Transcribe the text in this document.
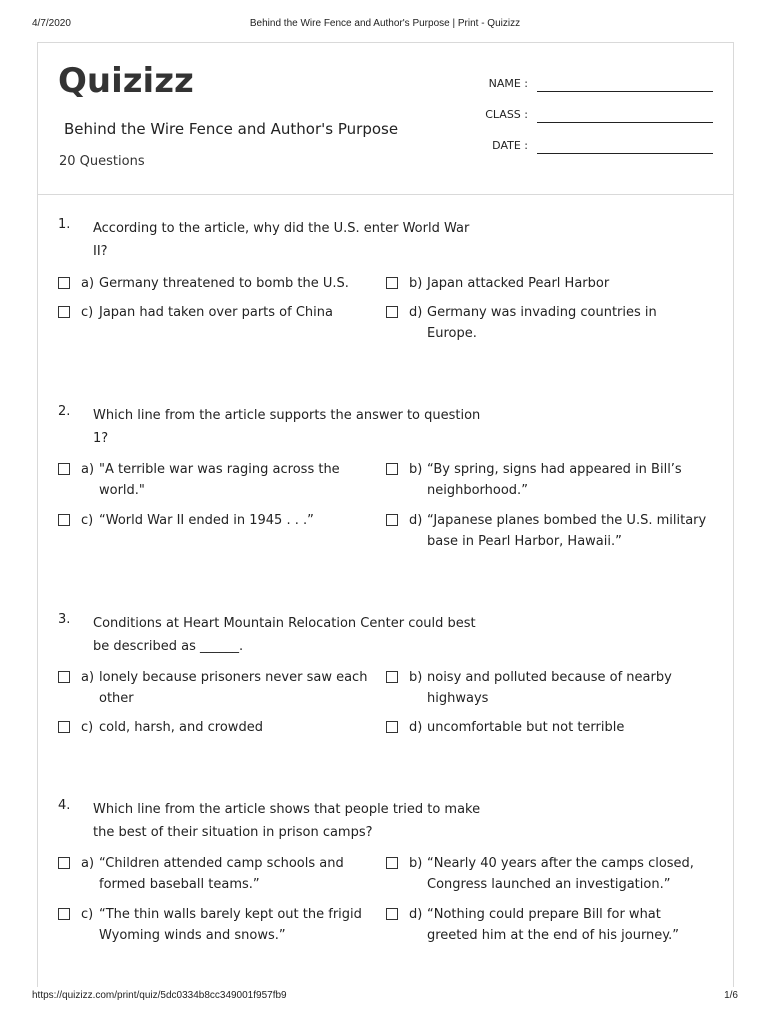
4/7/2020	Behind the Wire Fence and Author's Purpose | Print - Quizizz
Quizizz
Behind the Wire Fence and Author's Purpose
20 Questions
NAME :
CLASS :
DATE :
1. According to the article, why did the U.S. enter World War II?
a) Germany threatened to bomb the U.S.	b) Japan attacked Pearl Harbor
c) Japan had taken over parts of China	d) Germany was invading countries in Europe.
2. Which line from the article supports the answer to question 1?
a) "A terrible war was raging across the world."
b) “By spring, signs had appeared in Bill’s neighborhood.”
c) “World War II ended in 1945 . . .”	d) “Japanese planes bombed the U.S. military base in Pearl Harbor, Hawaii.”
3. Conditions at Heart Mountain Relocation Center could best be described as ______.
a) lonely because prisoners never saw each other
b) noisy and polluted because of nearby highways
c) cold, harsh, and crowded	d) uncomfortable but not terrible
4. Which line from the article shows that people tried to make the best of their situation in prison camps?
a) “Children attended camp schools and formed baseball teams.”
b) “Nearly 40 years after the camps closed, Congress launched an investigation.”
c) “The thin walls barely kept out the frigid Wyoming winds and snows.”
d) “Nothing could prepare Bill for what greeted him at the end of his journey.”
https://quizizz.com/print/quiz/5dc0334b8cc349001f957fb9	1/6
